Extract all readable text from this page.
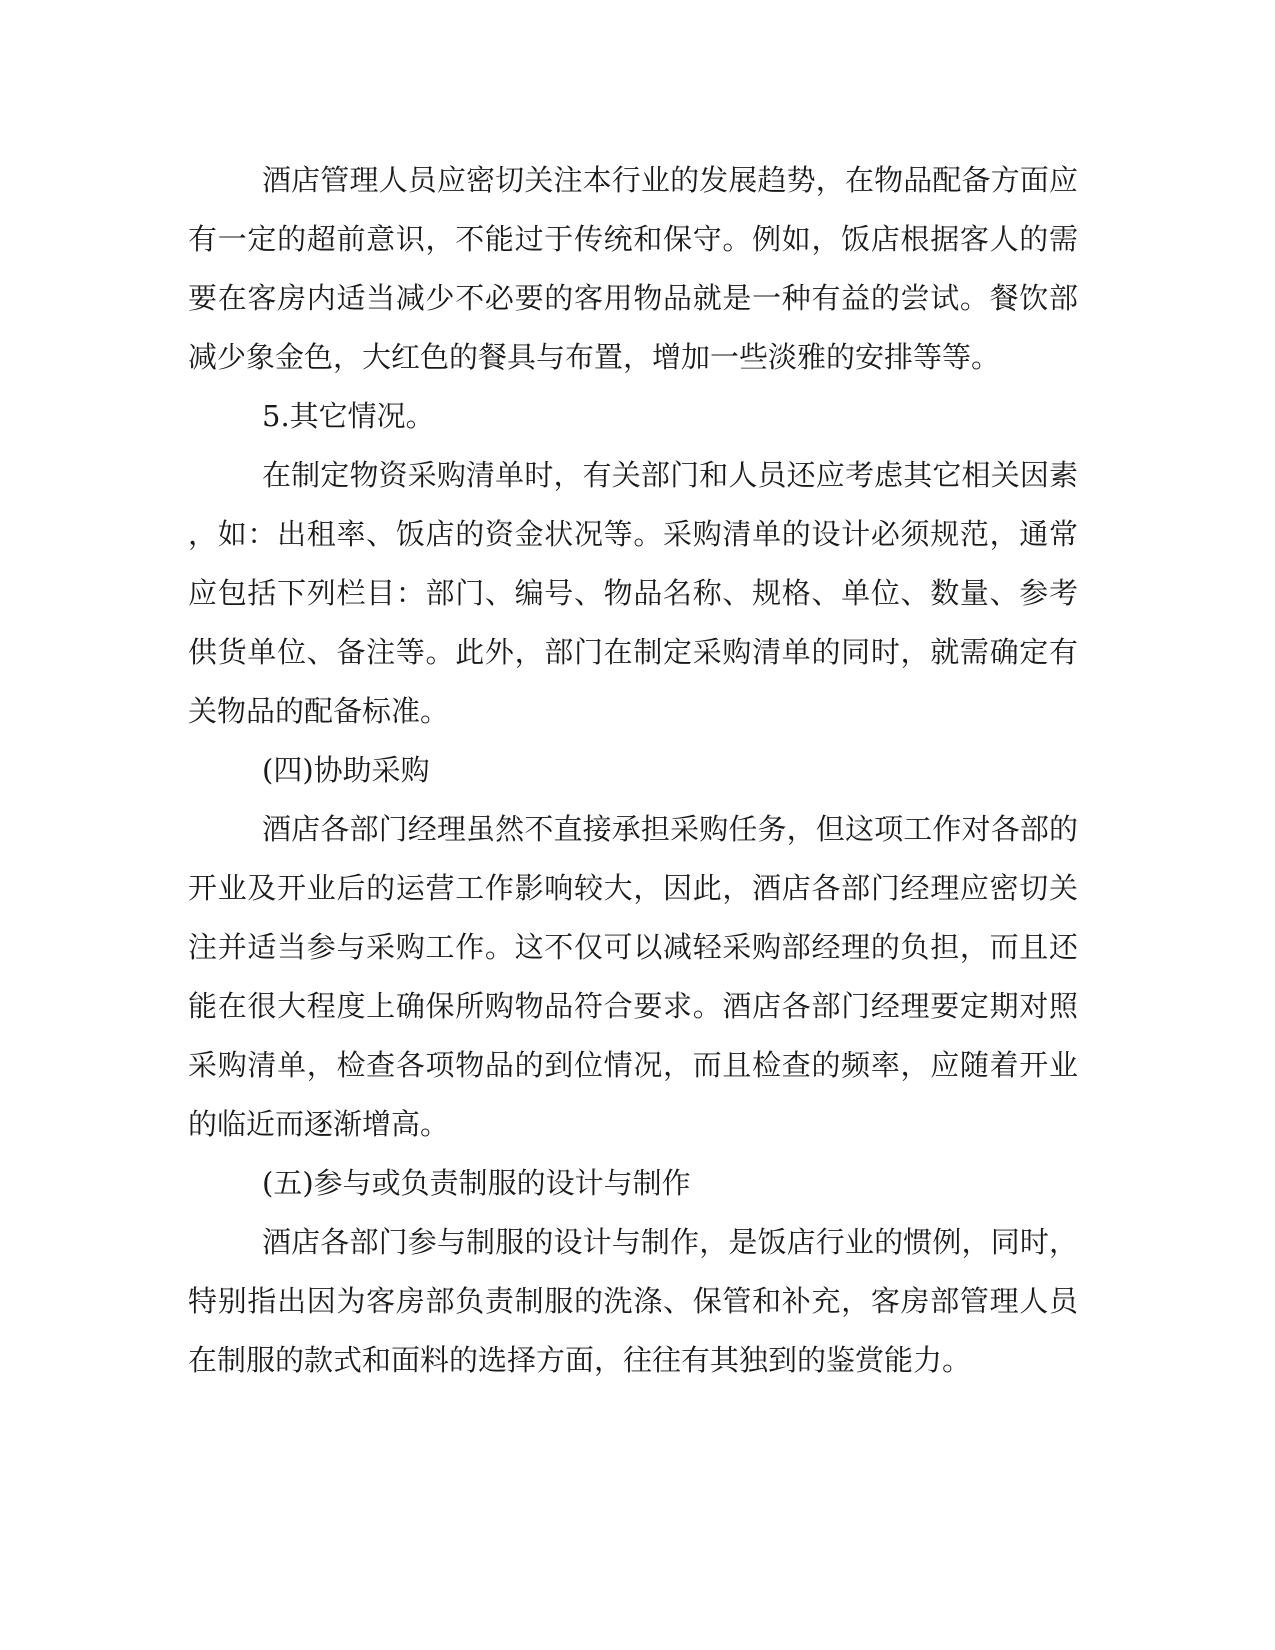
酒店管理人员应密切关注本行业的发展趋势，在物品配备方面应
有一定的超前意识，不能过于传统和保守。例如，饭店根据客人的需
要在客房内适当减少不必要的客用物品就是一种有益的尝试。餐饮部
减少象金色，大红色的餐具与布置，增加一些淡雅的安排等等。
5.其它情况。
在制定物资采购清单时，有关部门和人员还应考虑其它相关因素
，如：出租率、饭店的资金状况等。采购清单的设计必须规范，通常
应包括下列栏目：部门、编号、物品名称、规格、单位、数量、参考
供货单位、备注等。此外，部门在制定采购清单的同时，就需确定有
关物品的配备标准。
(四)协助采购
酒店各部门经理虽然不直接承担采购任务，但这项工作对各部的
开业及开业后的运营工作影响较大，因此，酒店各部门经理应密切关
注并适当参与采购工作。这不仅可以减轻采购部经理的负担，而且还
能在很大程度上确保所购物品符合要求。酒店各部门经理要定期对照
采购清单，检查各项物品的到位情况，而且检查的频率，应随着开业
的临近而逐渐增高。
(五)参与或负责制服的设计与制作
酒店各部门参与制服的设计与制作，是饭店行业的惯例，同时，
特别指出因为客房部负责制服的洗涤、保管和补充，客房部管理人员
在制服的款式和面料的选择方面，往往有其独到的鉴赏能力。
